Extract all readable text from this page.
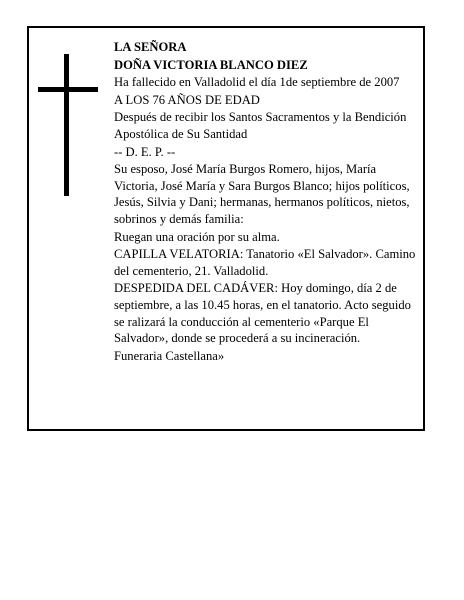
LA SEÑORA

DOÑA VICTORIA BLANCO DIEZ

Ha fallecido en Valladolid el día 1de septiembre de 2007

A LOS 76 AÑOS DE EDAD

Después de recibir los Santos Sacramentos y la Bendición Apostólica de Su Santidad

-- D. E. P. --

Su esposo, José María Burgos Romero, hijos, María Victoria, José María y Sara Burgos Blanco; hijos políticos, Jesús, Silvia y Dani; hermanas, hermanos políticos, nietos, sobrinos y demás familia:

Ruegan una oración por su alma.

CAPILLA VELATORIA: Tanatorio «El Salvador». Camino del cementerio, 21. Valladolid.

DESPEDIDA DEL CADÁVER: Hoy domingo, día 2 de septiembre, a las 10.45 horas, en el tanatorio. Acto seguido se ralizará la conducción al cementerio «Parque El Salvador», donde se procederá a su incineración.

Funeraria Castellana»
